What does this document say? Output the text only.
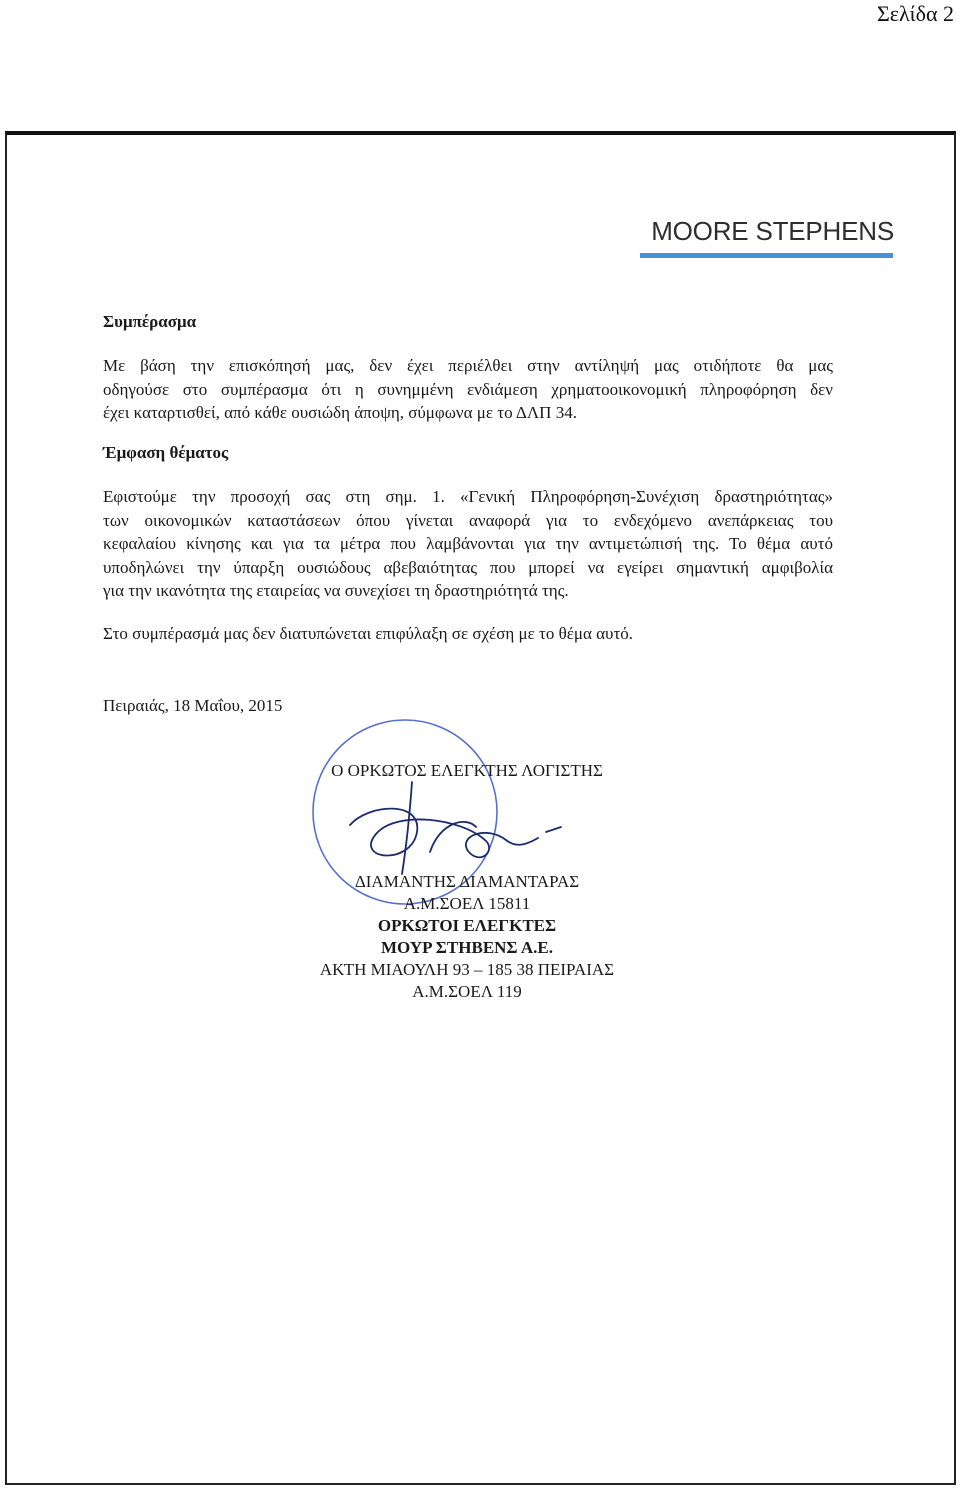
Σελίδα 2
MOORE STEPHENS
Συμπέρασμα
Με βάση την επισκόπησή μας, δεν έχει περιέλθει στην αντίληψή μας οτιδήποτε θα μας
οδηγούσε στο συμπέρασμα ότι η συνημμένη ενδιάμεση χρηματοοικονομική πληροφόρηση δεν
έχει καταρτισθεί, από κάθε ουσιώδη άποψη, σύμφωνα με το ΔΛΠ 34.
Έμφαση θέματος
Εφιστούμε την προσοχή σας στη σημ. 1. «Γενική Πληροφόρηση-Συνέχιση δραστηριότητας»
των οικονομικών καταστάσεων όπου γίνεται αναφορά για το ενδεχόμενο ανεπάρκειας του
κεφαλαίου κίνησης και για τα μέτρα που λαμβάνονται για την αντιμετώπισή της. Το θέμα αυτό
υποδηλώνει την ύπαρξη ουσιώδους αβεβαιότητας που μπορεί να εγείρει σημαντική αμφιβολία
για την ικανότητα της εταιρείας να συνεχίσει τη δραστηριότητά της.
Στο συμπέρασμά μας δεν διατυπώνεται επιφύλαξη σε σχέση με το θέμα αυτό.
Πειραιάς, 18 Μαΐου, 2015
Ο ΟΡΚΩΤΟΣ ΕΛΕΓΚΤΗΣ ΛΟΓΙΣΤΗΣ
ΔΙΑΜΑΝΤΗΣ ΔΙΑΜΑΝΤΑΡΑΣ
Α.Μ.ΣΟΕΛ 15811
ΟΡΚΩΤΟΙ ΕΛΕΓΚΤΕΣ
ΜΟΥΡ ΣΤΗΒΕΝΣ Α.Ε.
ΑΚΤΗ ΜΙΑΟΥΛΗ 93 – 185 38 ΠΕΙΡΑΙΑΣ
Α.Μ.ΣΟΕΛ 119
